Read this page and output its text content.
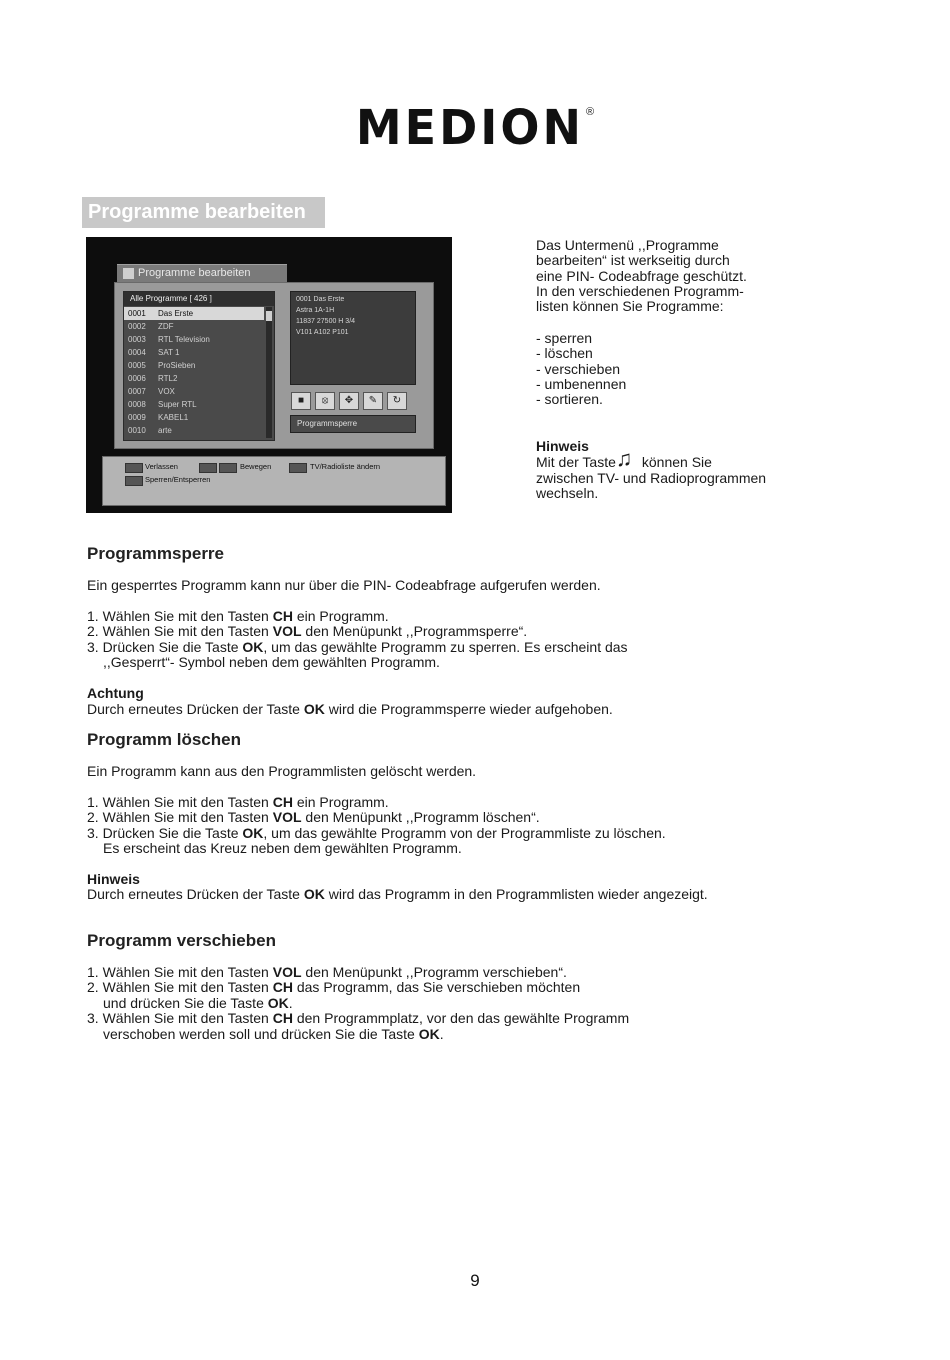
MEDION ®
Programme bearbeiten
Programme bearbeiten
Alle Programme [ 426 ]
0001 Das Erste
0002 ZDF
0003 RTL Television
0004 SAT 1
0005 ProSieben
0006 RTL2
0007 VOX
0008 Super RTL
0009 KABEL1
0010 arte
0001 Das Erste
Astra 1A-1H
11837 27500 H 3/4
V101 A102 P101
■	⦻	✥	✎	↻
Programmsperre
Verlassen	Bewegen	TV/Radioliste ändern
Sperren/Entsperren
Das Untermenü ,,Programme
bearbeiten“ ist werkseitig durch
eine PIN- Codeabfrage geschützt.
In den verschiedenen Programm-
listen können Sie Programme:
- sperren
- löschen
- verschieben
- umbenennen
- sortieren.
Hinweis
Mit der Taste♫ können Sie
zwischen TV- und Radioprogrammen
wechseln.
Programmsperre
Ein gesperrtes Programm kann nur über die PIN- Codeabfrage aufgerufen werden.
1. Wählen Sie mit den Tasten CH ein Programm.
2. Wählen Sie mit den Tasten VOL den Menüpunkt ,,Programmsperre“.
3. Drücken Sie die Taste OK, um das gewählte Programm zu sperren. Es erscheint das
,,Gesperrt“- Symbol neben dem gewählten Programm.
Achtung
Durch erneutes Drücken der Taste OK wird die Programmsperre wieder aufgehoben.
Programm löschen
Ein Programm kann aus den Programmlisten gelöscht werden.
1. Wählen Sie mit den Tasten CH ein Programm.
2. Wählen Sie mit den Tasten VOL den Menüpunkt ,,Programm löschen“.
3. Drücken Sie die Taste OK, um das gewählte Programm von der Programmliste zu löschen.
Es erscheint das Kreuz neben dem gewählten Programm.
Hinweis
Durch erneutes Drücken der Taste OK wird das Programm in den Programmlisten wieder angezeigt.
Programm verschieben
1. Wählen Sie mit den Tasten VOL den Menüpunkt ,,Programm verschieben“.
2. Wählen Sie mit den Tasten CH das Programm, das Sie verschieben möchten
und drücken Sie die Taste OK.
3. Wählen Sie mit den Tasten CH den Programmplatz, vor den das gewählte Programm
verschoben werden soll und drücken Sie die Taste OK.
9
